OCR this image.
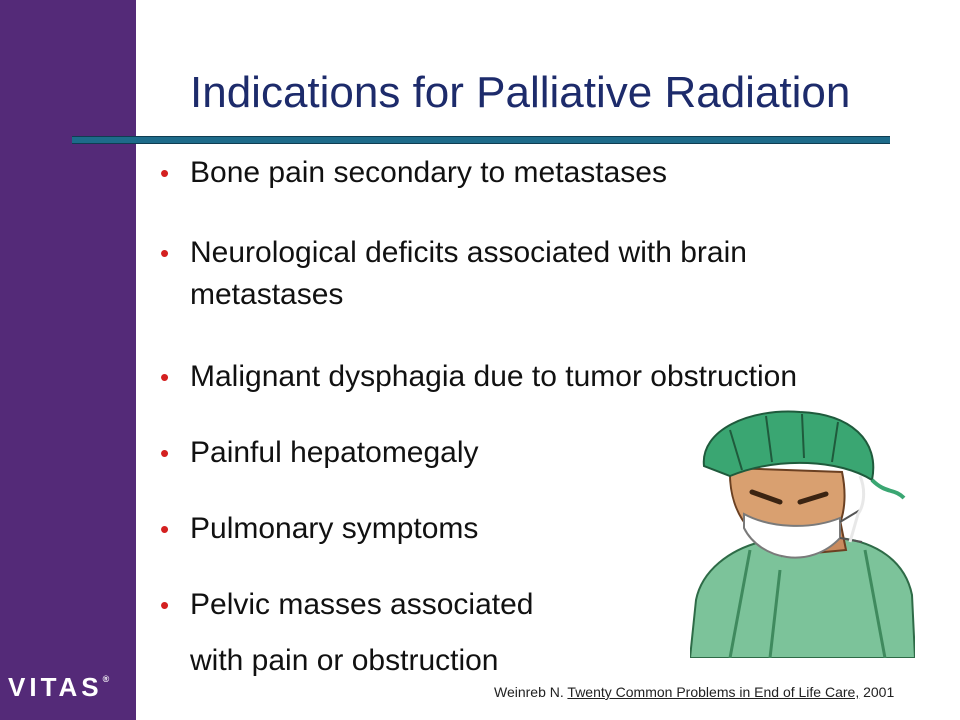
VITAS®
Indications for Palliative Radiation
• Bone pain secondary to metastases
• Neurological deficits associated with brain
metastases
• Malignant dysphagia due to tumor obstruction
• Painful hepatomegaly
• Pulmonary symptoms
• Pelvic masses associated
with pain or obstruction
Weinreb N. Twenty Common Problems in End of Life Care, 2001
